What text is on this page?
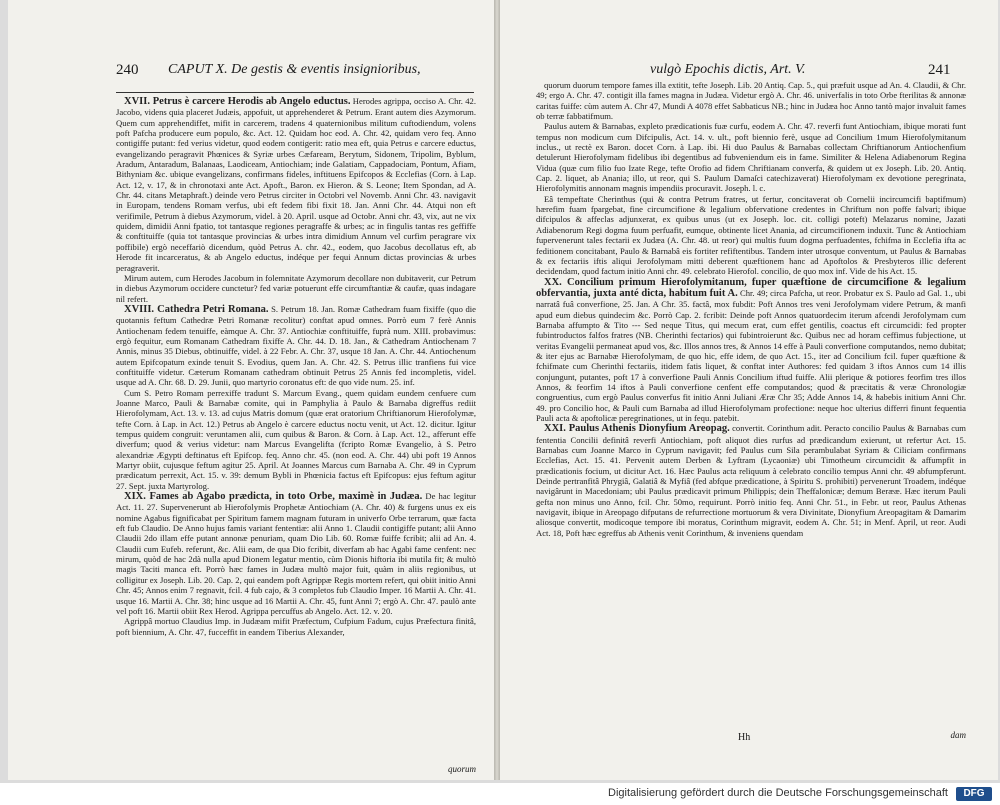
240 CAPUT X. De gestis & eventis insignioribus,

XVII. Petrus è carcere Herodis ab Angelo eductus. Herodes agrippa, occiso A. Chr. 42. Jacobo, videns quia placeret Judæis, appofuit, ut apprehenderet & Petrum. Erant autem dies Azymorum. Quem cum apprehendiffet, mifit in carcerem, tradens 4 quaternionibus militum cuftodiendum, volens poft Pafcha producere eum populo, &c. Act. 12. Quidam hoc eod. A. Chr. 42, quidam vero feq. Anno contigiffe putant: fed verius videtur, quod eodem contigerit: ratio mea eft, quia Petrus e carcere eductus, evangelizando peragravit Phœnices & Syriæ urbes Cæfaream, Berytum, Sidonem, Tripolim, Byblum, Aradum, Antaradum, Balanaas, Laodiceam, Antiochiam; inde Galatiam, Cappadociam, Pontum, Afiam, Bithyniam &c. ubique evangelizans, confirmans fideles, inftituens Epifcopos & Ecclefias (Corn. à Lap. Act. 12, v. 17, & in chronotaxi ante Act. Apoft., Baron. ex Hieron. & S. Leone; Item Spondan, ad A. Chr. 44. citans Metaphraft.) deinde vero Petrus circiter in Octobri vel Novemb. Anni Chr. 43. navigavit in Europam, tendens Romam verfus, ubi eft fedem fibi fixit 18. Jan. Anni Chr. 44. Atqui non eft verifimile, Petrum à diebus Azymorum, videl. à 20. April. usque ad Octobr. Anni chr. 43, vix, aut ne vix quidem, dimidii Anni fpatio, tot tantasque regiones peragraffe & urbes; ac in fingulis tantas res geffiffe & conftituiffe (quia tot tantasque provincias & urbes intra dimidium Annum vel curfim peragrare vix poffibile) ergò neceffariò dicendum, quòd Petrus A. chr. 42., eodem, quo Jacobus decollatus eft, ab Herode fit incarceratus, & ab Angelo eductus, indéque per fequi Annum dictas provincias & urbes peragraverit.

Mirum autem, cum Herodes Jacobum in folemnitate Azymorum decollare non dubitaverit, cur Petrum in diebus Azymorum occidere cunctetur? fed variæ potuerunt effe circumftantiæ & caufæ, quas indagare nil refert.

XVIII. Cathedra Petri Romana. S. Petrum 18. Jan. Romæ Cathedram fuam fixiffe (quo die quotannis feftum Cathedræ Petri Romanæ recolitur) conftat apud omnes. Porrò eum 7 ferè Annis Antiochenam fedem tenuiffe, eàmque A. Chr. 37. Antiochiæ conftituiffe, fuprà num. XIII. probavimus: ergò fequitur, eum Romanam Cathedram fixiffe A. Chr. 44. D. 18. Jan., & Cathedram Antiochenam 7 Annis, minus 35 Diebus, obtinuiffe, videl. à 22 Febr. A. Chr. 37, usque 18 Jan. A. Chr. 44. Antiochenum autem Epifcopatum exinde tenuit S. Evodius, quem Jan. A. Chr. 42. S. Petrus illic tranfiens fui vice conftituiffe videtur. Cæterum Romanam cathedram obtinuit Petrus 25 Annis fed incompletis, videl. usque ad A. Chr. 68. D. 29. Junii, quo martyrio coronatus eft: de quo vide num. 25. inf.

Cum S. Petro Romam perrexiffe tradunt S. Marcum Evang., quem quidam eundem cenfuere cum Joanne Marco, Pauli & Barnabæ comite, qui in Pamphylia à Paulo & Barnaba digreffus rediit Hierofolymam, Act. 13. v. 13. ad cujus Matris domum (quæ erat oratorium Chriftianorum Hierofolymæ, tefte Corn. à Lap. in Act. 12.) Petrus ab Angelo è carcere eductus noctu venit, ut Act. 12. dicitur. Igitur tempus quidem congruit: veruntamen alii, cum quibus & Baron. & Corn. à Lap. Act. 12., afferunt effe diverfum; quod & verius videtur: nam Marcus Evangelifta (fcripto Romæ Evangelio, à S. Petro alexandriæ Ægypti deftinatus eft Epifcop. feq. Anno chr. 45. (non eod. A. Chr. 44) ubi poft 19 Annos Martyr obiit, cujusque feftum agitur 25. April. At Joannes Marcus cum Barnaba A. Chr. 49 in Cyprum prædicatum perrexit, Act. 15. v. 39: demum Bybli in Phœnicia factus eft Epifcopus: ejus feftum agitur 27. Sept. juxta Martyrolog.

XIX. Fames ab Agabo prædicta, in toto Orbe, maximè in Judæa. De hac legitur Act. 11. 27. Supervenerunt ab Hierofolymis Prophetæ Antiochiam (A. Chr. 40) & furgens unus ex eis nomine Agabus fignificabat per Spiritum famem magnam futuram in univerfo Orbe terrarum, quæ facta eft fub Claudio. De Anno hujus famis variant fententiæ: alii Anno 1. Claudii contigiffe putant; alii Anno Claudii 2do illam effe putant annonæ penuriam, quam Dio Lib. 60. Romæ fuiffe fcribit; alii ad An. 4. Claudii cum Eufeb. referunt, &c. Alii eam, de qua Dio fcribit, diverfam ab hac Agabi fame cenfent: nec mirum, quòd de hac 2dà nulla apud Dionem legatur mentio, cùm Dionis hiftoria ibi mutila fit; & multò magis Taciti manca eft. Porrò hæc fames in Judæa multò major fuit, quàm in aliis regionibus, ut colligitur ex Joseph. Lib. 20. Cap. 2, qui eandem poft Agrippæ Regis mortem refert, qui obiit initio Anni Chr. 45; Annos enim 7 regnavit, fcil. 4 fub cajo, & 3 completos fub Claudio Imper. 16 Martii A. Chr. 41. usque 16. Martii A. Chr. 38; hinc usque ad 16 Martii A. Chr. 45, funt Anni 7; ergò A. Chr. 47. paulò ante vel poft 16. Martii obiit Rex Herod. Agrippa percuffus ab Angelo. Act. 12. v. 20.

Agrippâ mortuo Claudius Imp. in Judæam mifit Præfectum, Cufpium Fadum, cujus Præfectura finitâ, poft biennium, A. Chr. 47, fucceffit in eandem Tiberius Alexander,

quorum
vulgò Epochis dictis, Art. V.	241

quorum duorum tempore fames illa extitit, tefte Joseph. Lib. 20 Antiq. Cap. 5., qui præfuit usque ad An. 4. Claudii, & Chr. 49; ergo A. Chr. 47. contigit illa fames magna in Judæa. Videtur ergò A. Chr. 46. univerfalis in toto Orbe fterilitas & annonæ caritas fuiffe: cùm autem A. Chr 47, Mundi A 4078 effet Sabbaticus NB.; hinc in Judæa hoc Anno tantò major invaluit fames ob terræ fabbatifmum.

Paulus autem & Barnabas, expleto prædicationis fuæ curfu, eodem A. Chr. 47. reverfi funt Antiochiam, ibique morati funt tempus non modicum cum Difcipulis, Act. 14. v. ult., poft biennio ferè, usque ad Concilium 1mum Hierofolymitanum inclus., ut rectè ex Baron. docet Corn. à Lap. ibi. Hi duo Paulus & Barnabas collectam Chriftianorum Antiochenfium detulerunt Hierofolymam fidelibus ibi degentibus ad fubveniendum eis in fame. Similiter & Helena Adiabenorum Regina Vidua (quæ cum filio fuo Izate Rege, tefte Orofio ad fidem Chriftianam converfa, & quidem ut ex Joseph. Lib. 20. Antiq. Cap. 2. liquet, ab Anania; illo, ut reor, qui S. Paulum Damaſci catechizaverat) Hierofolymam ex devotione peregrinata, Hierofolymitis annonam magnis impendiis procuravit. Joseph. l. c.

Eâ tempeftate Cherinthus (qui & contra Petrum fratres, ut fertur, concitaverat ob Cornelii incircumcifi baptifmum) hærefim fuam fpargebat, fine circumcifione & legalium obfervatione credentes in Chriftum non poffe falvari; ibique difcipulos & affeclas adjunxerat, ex quibus unus (ut ex Joseph. loc. cit. colligi poteft) Melazarus nomine, Jazati Adiabenorum Regi dogma fuum perfuafit, eumque, obtinente licet Anania, ad circumcifionem induxit. Tunc & Antiochiam fupervenerunt tales fectarii ex Judæa (A. Chr. 48. ut reor) qui multis fuum dogma perfuadentes, fchifma in Ecclefia ifta ac feditionem concitabant, Paulo & Barnabâ eis fortiter refiftentibus. Tandem inter utrosque conventum, ut Paulus & Barnabas & ex fectariis iftis aliqui Jerofolymam mitti deberent quæftionem hanc ad Apoftolos & Presbyteros illic deferent decidendam, quod factum initio Anni chr. 49. celebrato Hierofol. concilio, de quo mox inf. Vide de his Act. 15.

XX. Concilium primum Hierofolymitanum, fuper quæftione de circumcifione & legalium obfervantia, juxta anté dicta, habitum fuit A. Chr. 49; circa Pafcha, ut reor. Probatur ex S. Paulo ad Gal. 1., ubi narratâ fuâ converfione, 25. Jan. A Chr. 35. factâ, mox fubdit: Poft Annos tres veni Jerofolymam videre Petrum, & manfi apud eum diebus quindecim &c. Porrò Cap. 2. fcribit: Deinde poft Annos quatuordecim iterum afcendi Jerofolymam cum Barnaba affumpto & Tito --- Sed neque Titus, qui mecum erat, cum effet gentilis, coactus eft circumcidi: fed propter fubintroductos falfos fratres (NB. Cherinthi fectarios) qui fubintroierunt &c. Quibus nec ad horam ceffimus fubjectione, ut veritas Evangelii permaneat apud vos, &c. Illos annos tres, & Annos 14 effe à Pauli converfione computandos, nemo dubitat; & iter ejus ac Barnabæ Hierofolymam, de quo hic, effe idem, de quo Act. 15., iter ad Concilium fcil. fuper quæftione & fchifmate cum Cherinthi fectariis, itidem fatis liquet, & conftat inter Authores: fed quidam 3 iftos Annos cum 14 illis conjungunt, putantes, poft 17 à converfione Pauli Annis Concilium iftud fuiffe. Alii plerique & potiores feorfim tres illos Annos, & feorfim 14 iftos à Pauli converfione cenfent effe computandos; quod & præcitatis & veræ Chronologiæ congruentius, cum ergò Paulus converfus fit initio Anni Juliani Æræ Chr 35; Adde Annos 14, & habebis initium Anni Chr. 49. pro Concilio hoc, & Pauli cum Barnaba ad illud Hierofolymam profectione: neque hoc ulterius differri finunt fequentia Pauli acta & apoftolicæ peregrinationes, ut in fequ. patebit.

XXI. Paulus Athenis Dionyfium Areopag. convertit. Corinthum adit. Peracto concilio Paulus & Barnabas cum fententia Concilii definitâ reverfi Antiochiam, poft aliquot dies rurfus ad prædicandum exierunt, ut refertur Act. 15. Barnabas cum Joanne Marco in Cyprum navigavit; fed Paulus cum Sila perambulabat Syriam & Ciliciam confirmans Ecclefias, Act. 15. 41. Pervenit autem Derben & Lyftram (Lycaoniæ) ubi Timotheum circumcidit & affumpfit in prædicationis focium, ut dicitur Act. 16. Hæc Paulus acta reliquum à celebrato concilio tempus Anni chr. 49 abfumpferunt. Deinde pertranfitâ Phrygiâ, Galatiâ & Myfiâ (fed abfque prædicatione, à Spiritu S. prohibiti) pervenerunt Troadem, indéque navigârunt in Macedoniam; ubi Paulus prædicavit primum Philippis; dein Theffalonicæ; demum Berææ. Hæc iterum Pauli gefta non minus uno Anno, fcil. Chr. 50mo, requirunt. Porrò initio feq. Anni Chr. 51., in Febr. ut reor, Paulus Athenas navigavit, ibique in Areopago difputans de refurrectione mortuorum & vera Divinitate, Dionyfium Areopagitam & Damarim aliosque convertit, modicoque tempore ibi moratus, Corinthum migravit, eodem A. Chr. 51; in Menf. April, ut reor. Audi Act. 18, Poft hæc egreffus ab Athenis venit Corinthum, & inveniens quendam

Hh	dam
Digitalisierung gefördert durch die Deutsche Forschungsgemeinschaft	DFG
